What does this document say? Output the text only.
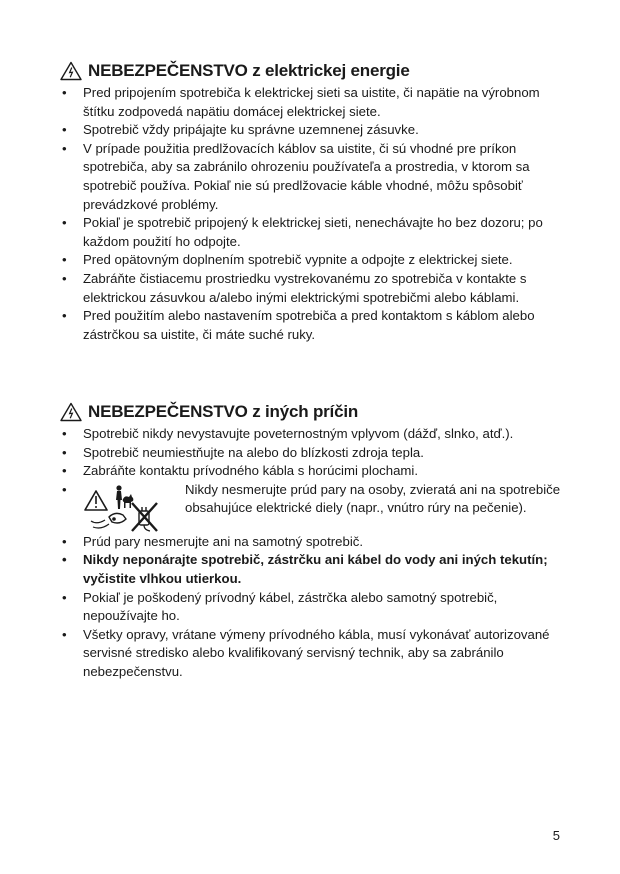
NEBEZPEČENSTVO z elektrickej energie
• Pred pripojením spotrebiča k elektrickej sieti sa uistite, či napätie na výrobnom štítku zodpovedá napätiu domácej elektrickej siete.
• Spotrebič vždy pripájajte ku správne uzemnenej zásuvke.
• V prípade použitia predlžovacích káblov sa uistite, či sú vhodné pre príkon spotrebiča, aby sa zabránilo ohrozeniu používateľa a prostredia, v ktorom sa spotrebič používa. Pokiaľ nie sú predlžovacie káble vhodné, môžu spôsobiť prevádzkové problémy.
• Pokiaľ je spotrebič pripojený k elektrickej sieti, nenechávajte ho bez dozoru; po každom použití ho odpojte.
• Pred opätovným doplnením spotrebič vypnite a odpojte z elektrickej siete.
• Zabráňte čistiacemu prostriedku vystrekovanému zo spotrebiča v kontakte s elektrickou zásuvkou a/alebo inými elektrickými spotrebičmi alebo káblami.
• Pred použitím alebo nastavením spotrebiča a pred kontaktom s káblom alebo zástrčkou sa uistite, či máte suché ruky.
NEBEZPEČENSTVO z iných príčin
• Spotrebič nikdy nevystavujte poveternostným vplyvom (dážď, slnko, atď.).
• Spotrebič neumiestňujte na alebo do blízkosti zdroja tepla.
• Zabráňte kontaktu prívodného kábla s horúcimi plochami.
• Nikdy nesmerujte prúd pary na osoby, zvieratá ani na spotrebiče obsahujúce elektrické diely (napr., vnútro rúry na pečenie).
• Prúd pary nesmerujte ani na samotný spotrebič.
• Nikdy neponárajte spotrebič, zástrčku ani kábel do vody ani iných tekutín; vyčistite vlhkou utierkou.
• Pokiaľ je poškodený prívodný kábel, zástrčka alebo samotný spotrebič, nepoužívajte ho.
• Všetky opravy, vrátane výmeny prívodného kábla, musí vykonávať autorizované servisné stredisko alebo kvalifikovaný servisný technik, aby sa zabránilo nebezpečenstvu.
5
